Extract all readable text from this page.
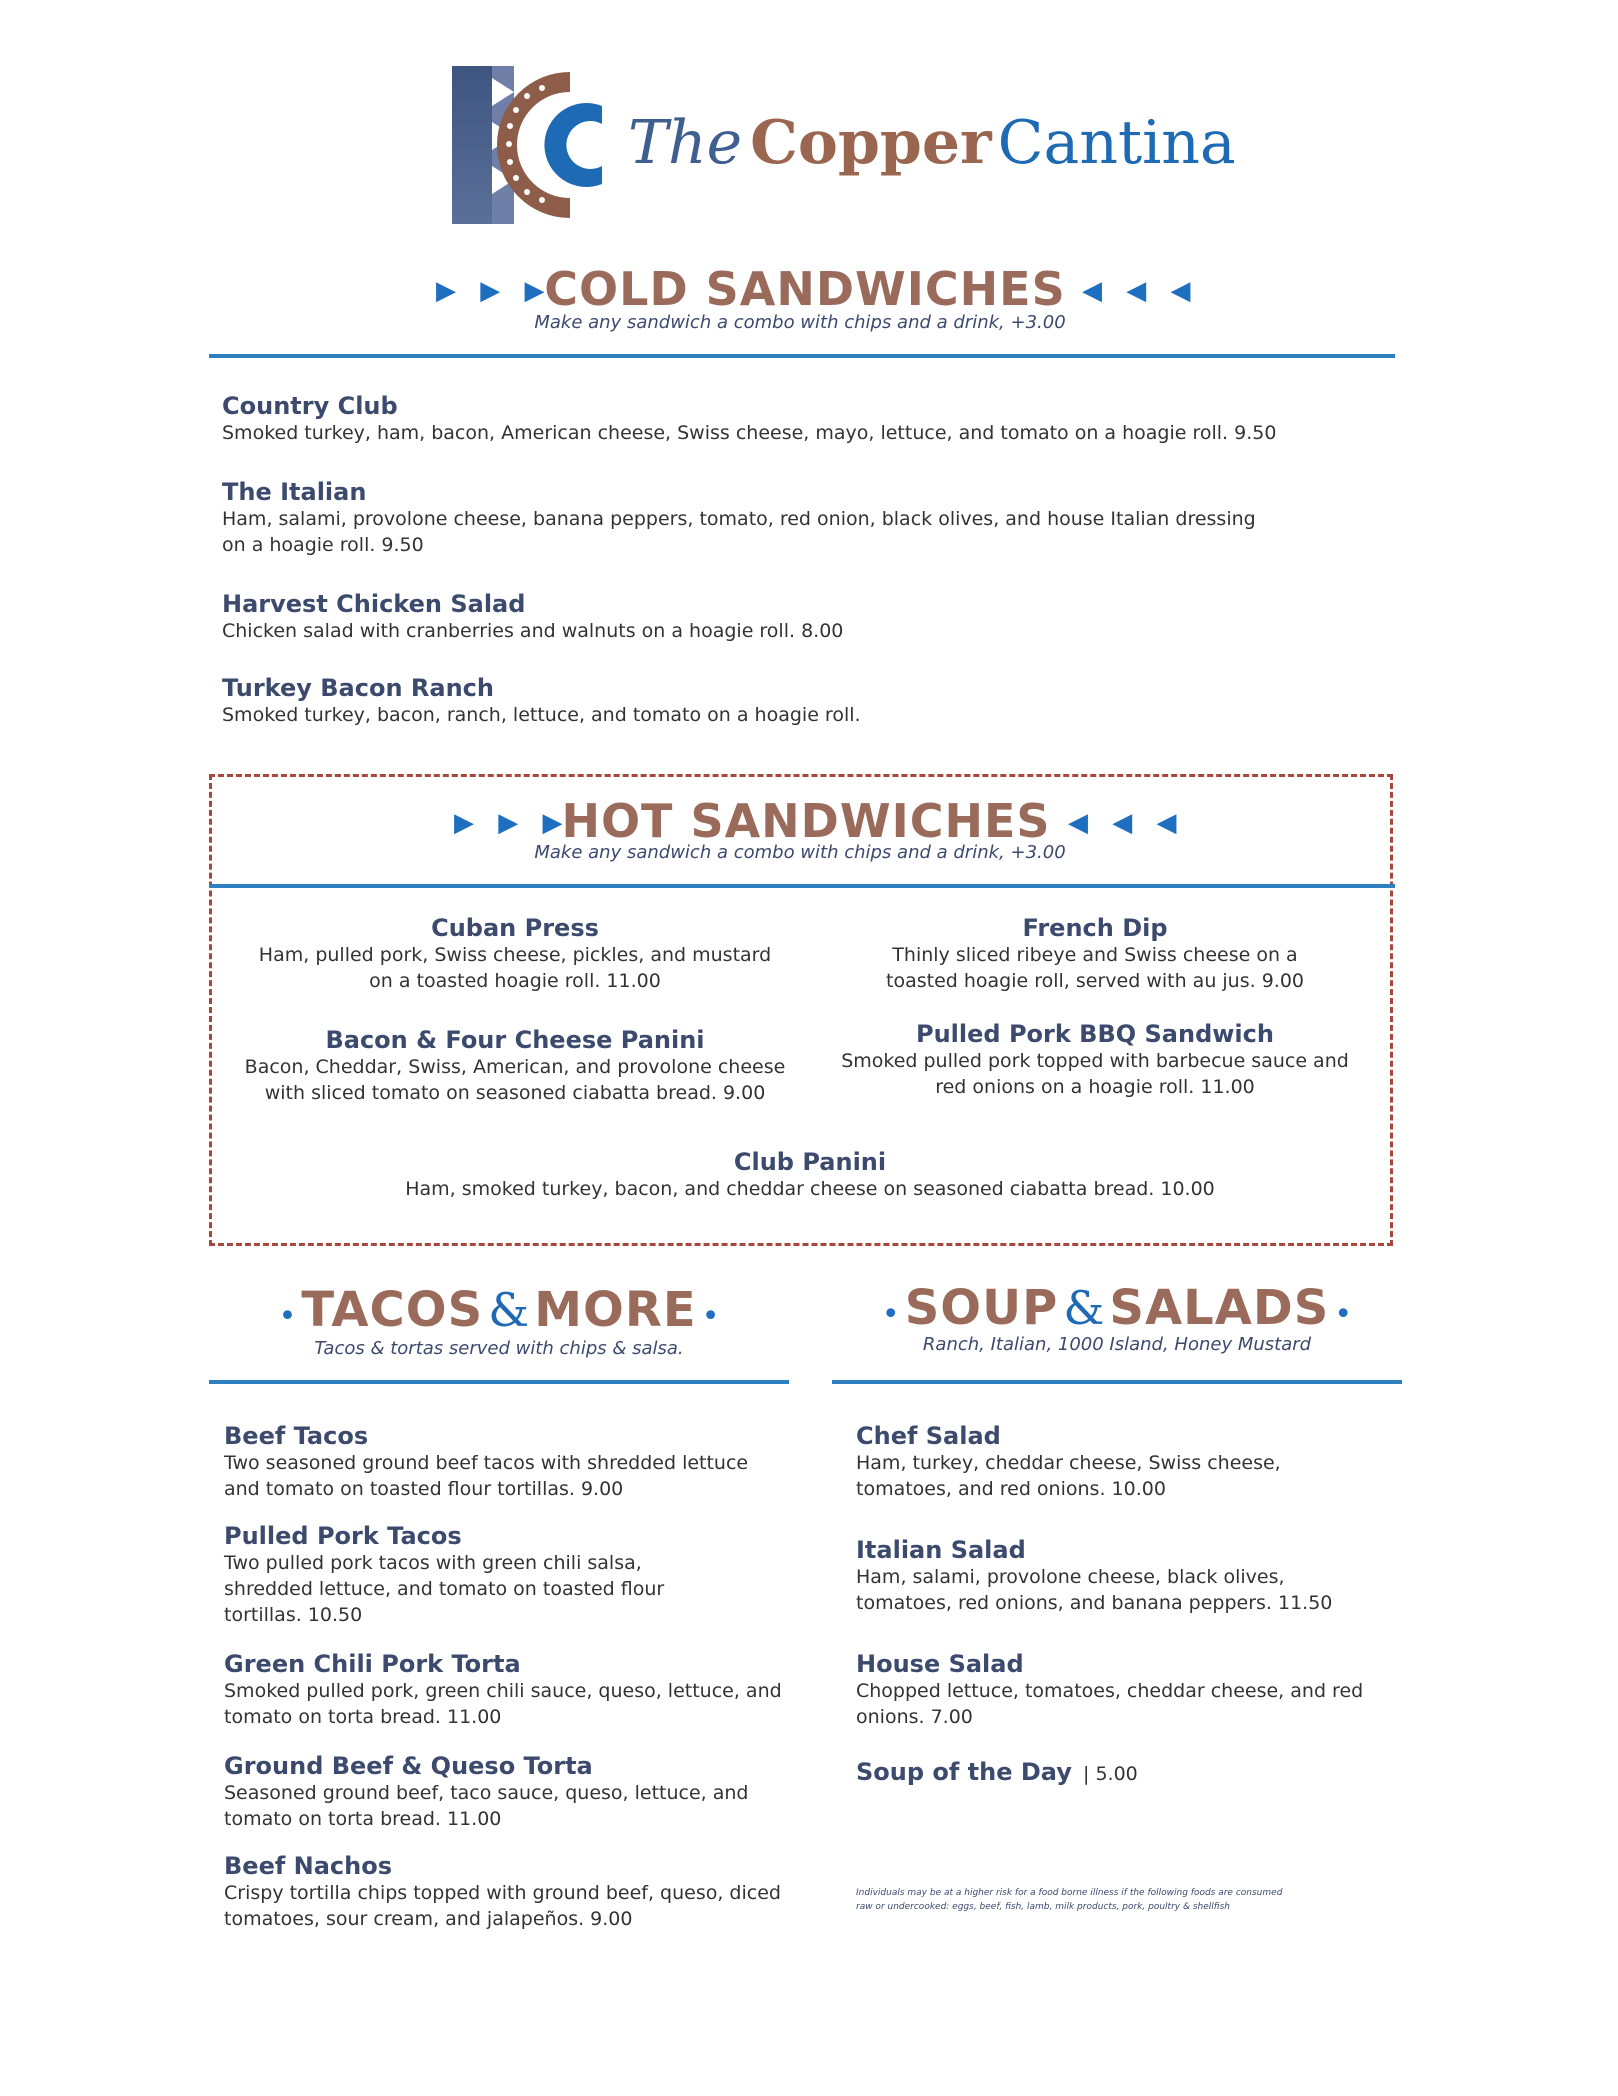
The Copper Cantina
▶ ▶ ▶
COLD SANDWICHES ◀ ◀ ◀
Make any sandwich a combo with chips and a drink, +3.00
Country Club
Smoked turkey, ham, bacon, American cheese, Swiss cheese, mayo, lettuce, and tomato on a hoagie roll. 9.50
The Italian
Ham, salami, provolone cheese, banana peppers, tomato, red onion, black olives, and house Italian dressing on a hoagie roll. 9.50
Harvest Chicken Salad
Chicken salad with cranberries and walnuts on a hoagie roll. 8.00
Turkey Bacon Ranch
Smoked turkey, bacon, ranch, lettuce, and tomato on a hoagie roll.
▶ ▶ ▶
HOT SANDWICHES ◀ ◀ ◀
Make any sandwich a combo with chips and a drink, +3.00
Cuban Press
Ham, pulled pork, Swiss cheese, pickles, and mustard on a toasted hoagie roll. 11.00
French Dip
Thinly sliced ribeye and Swiss cheese on a toasted hoagie roll, served with au jus. 9.00
Bacon & Four Cheese Panini
Bacon, Cheddar, Swiss, American, and provolone cheese with sliced tomato on seasoned ciabatta bread. 9.00
Pulled Pork BBQ Sandwich
Smoked pulled pork topped with barbecue sauce and red onions on a hoagie roll. 11.00
Club Panini
Ham, smoked turkey, bacon, and cheddar cheese on seasoned ciabatta bread. 10.00
• TACOS & MORE •
Tacos & tortas served with chips & salsa.
Beef Tacos
Two seasoned ground beef tacos with shredded lettuce and tomato on toasted flour tortillas. 9.00
Pulled Pork Tacos
Two pulled pork tacos with green chili salsa, shredded lettuce, and tomato on toasted flour tortillas. 10.50
Green Chili Pork Torta
Smoked pulled pork, green chili sauce, queso, lettuce, and tomato on torta bread. 11.00
Ground Beef & Queso Torta
Seasoned ground beef, taco sauce, queso, lettuce, and tomato on torta bread. 11.00
Beef Nachos
Crispy tortilla chips topped with ground beef, queso, diced tomatoes, sour cream, and jalapeños. 9.00
• SOUP & SALADS •
Ranch, Italian, 1000 Island, Honey Mustard
Chef Salad
Ham, turkey, cheddar cheese, Swiss cheese, tomatoes, and red onions. 10.00
Italian Salad
Ham, salami, provolone cheese, black olives, tomatoes, red onions, and banana peppers. 11.50
House Salad
Chopped lettuce, tomatoes, cheddar cheese, and red onions. 7.00
Soup of the Day | 5.00
Individuals may be at a higher risk for a food borne illness if the following foods are consumed
raw or undercooked: eggs, beef, fish, lamb, milk products, pork, poultry & shellfish
